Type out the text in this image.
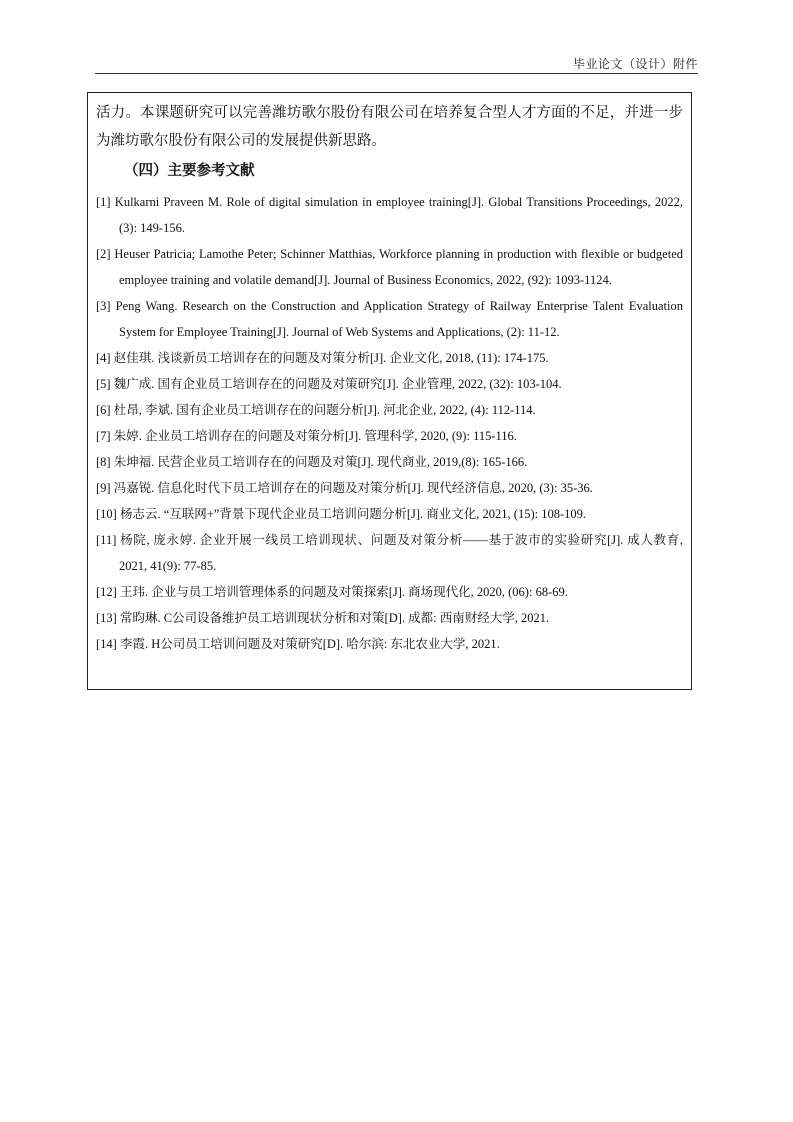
毕业论文（设计）附件
活力。本课题研究可以完善潍坊歌尔股份有限公司在培养复合型人才方面的不足，并进一步为潍坊歌尔股份有限公司的发展提供新思路。
（四）主要参考文献
[1] Kulkarni Praveen M. Role of digital simulation in employee training[J]. Global Transitions Proceedings, 2022, (3): 149-156.
[2] Heuser Patricia; Lamothe Peter; Schinner Matthias, Workforce planning in production with flexible or budgeted employee training and volatile demand[J]. Journal of Business Economics, 2022, (92): 1093-1124.
[3] Peng Wang. Research on the Construction and Application Strategy of Railway Enterprise Talent Evaluation System for Employee Training[J]. Journal of Web Systems and Applications, (2): 11-12.
[4] 赵佳琪. 浅谈新员工培训存在的问题及对策分析[J]. 企业文化, 2018, (11): 174-175.
[5] 魏广成. 国有企业员工培训存在的问题及对策研究[J]. 企业管理, 2022, (32): 103-104.
[6] 杜昂, 李斌. 国有企业员工培训存在的问题分析[J]. 河北企业, 2022, (4): 112-114.
[7] 朱婷. 企业员工培训存在的问题及对策分析[J]. 管理科学, 2020, (9): 115-116.
[8] 朱坤福. 民营企业员工培训存在的问题及对策[J]. 现代商业, 2019,(8): 165-166.
[9] 冯嘉锐. 信息化时代下员工培训存在的问题及对策分析[J]. 现代经济信息, 2020, (3): 35-36.
[10] 杨志云. “互联网+”背景下现代企业员工培训问题分析[J]. 商业文化, 2021, (15): 108-109.
[11] 杨院, 庞永婷. 企业开展一线员工培训现状、问题及对策分析——基于波市的实验研究[J]. 成人教育, 2021, 41(9): 77-85.
[12] 王玮. 企业与员工培训管理体系的问题及对策探索[J]. 商场现代化, 2020, (06): 68-69.
[13] 常昀琳. C公司设备维护员工培训现状分析和对策[D]. 成都: 西南财经大学, 2021.
[14] 李霞. H公司员工培训问题及对策研究[D]. 哈尔滨: 东北农业大学, 2021.
